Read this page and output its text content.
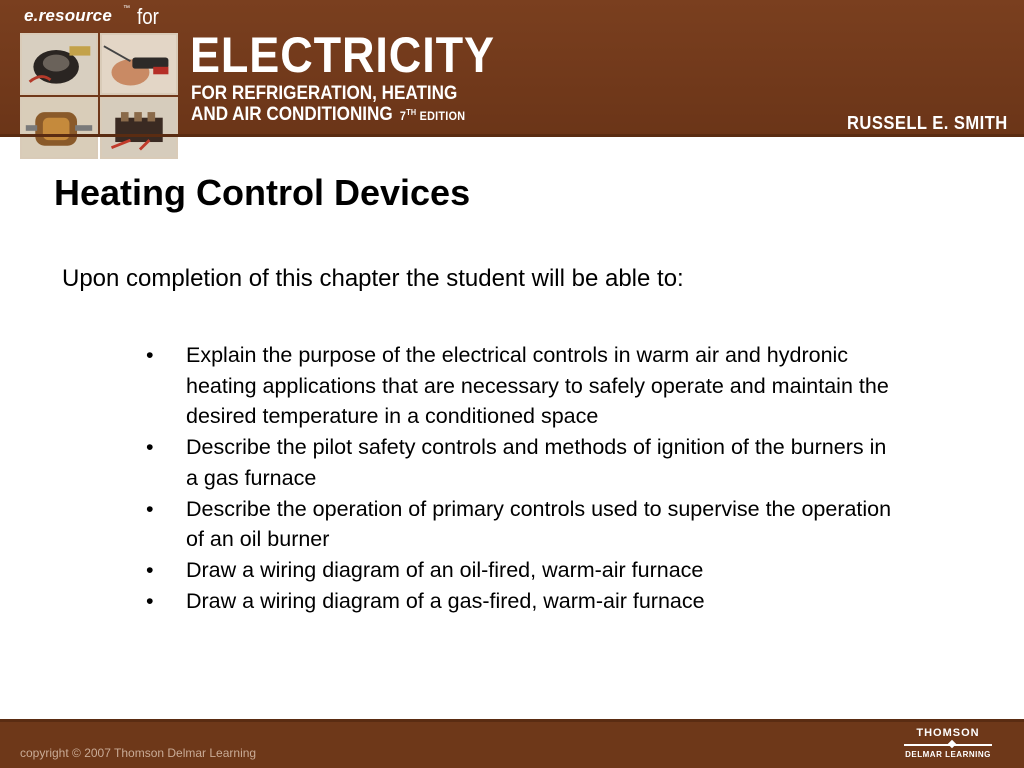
e.resource ™ for
ELECTRICITY
FOR REFRIGERATION, HEATING
AND AIR CONDITIONING 7TH EDITION	RUSSELL E. SMITH
Heating Control Devices

Upon completion of this chapter the student will be able to:

• Explain the purpose of the electrical controls in warm air and hydronic heating applications that are necessary to safely operate and maintain the desired temperature in a conditioned space
• Describe the pilot safety controls and methods of ignition of the burners in a gas furnace
• Describe the operation of primary controls used to supervise the operation of an oil burner
• Draw a wiring diagram of an oil-fired, warm-air furnace
• Draw a wiring diagram of a gas-fired, warm-air furnace
copyright © 2007 Thomson Delmar Learning
THOMSON
DELMAR LEARNING
